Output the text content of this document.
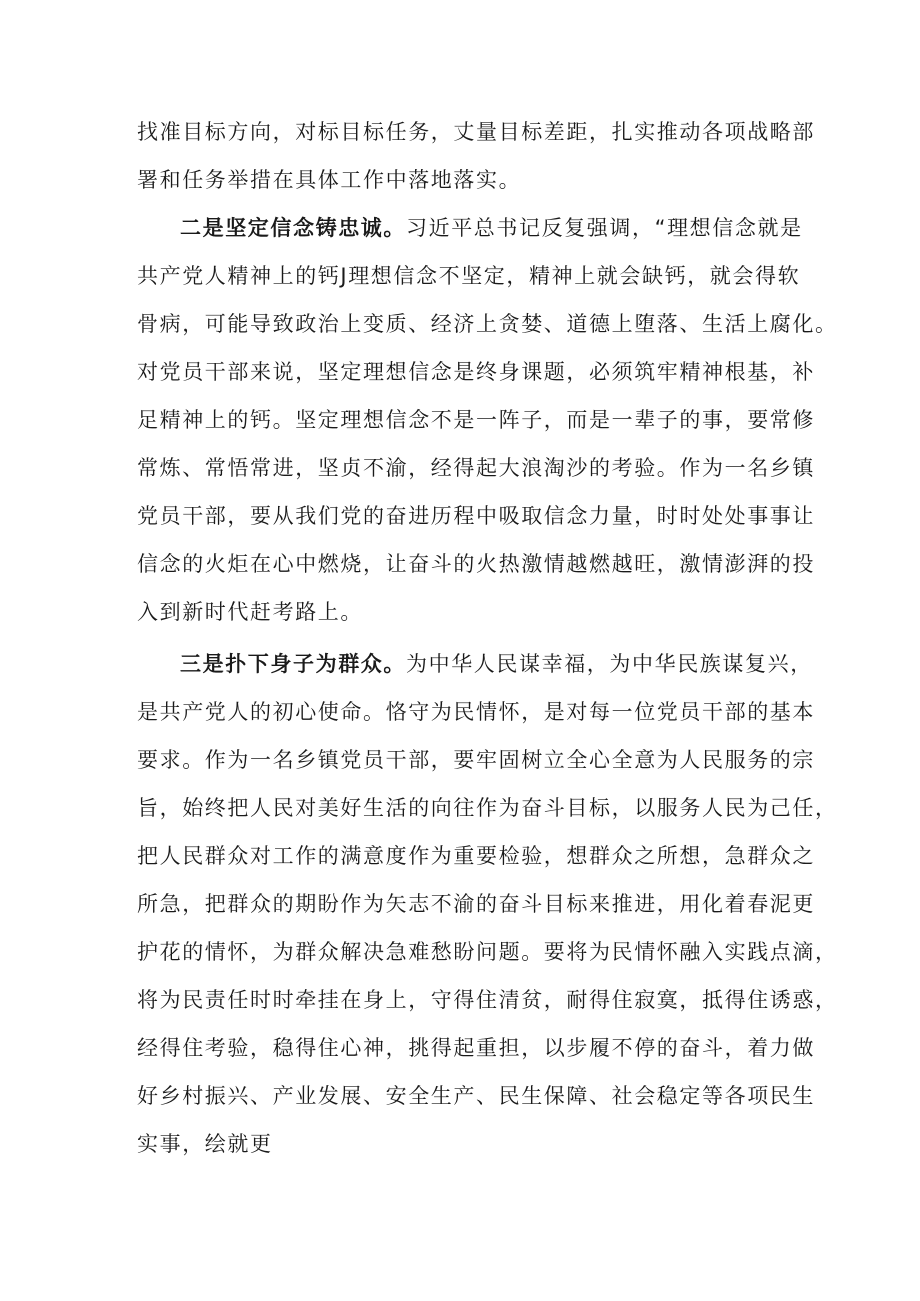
找准目标方向，对标目标任务，丈量目标差距，扎实推动各项战略部
署和任务举措在具体工作中落地落实。
二是坚定信念铸忠诚。习近平总书记反复强调，“理想信念就是
共产党人精神上的钙J理想信念不坚定，精神上就会缺钙，就会得软
骨病，可能导致政治上变质、经济上贪婪、道德上堕落、生活上腐化。
对党员干部来说，坚定理想信念是终身课题，必须筑牢精神根基，补
足精神上的钙。坚定理想信念不是一阵子，而是一辈子的事，要常修
常炼、常悟常进，坚贞不渝，经得起大浪淘沙的考验。作为一名乡镇
党员干部，要从我们党的奋进历程中吸取信念力量，时时处处事事让
信念的火炬在心中燃烧，让奋斗的火热激情越燃越旺，激情澎湃的投
入到新时代赶考路上。
三是扑下身子为群众。为中华人民谋幸福，为中华民族谋复兴，
是共产党人的初心使命。恪守为民情怀，是对每一位党员干部的基本
要求。作为一名乡镇党员干部，要牢固树立全心全意为人民服务的宗
旨，始终把人民对美好生活的向往作为奋斗目标，以服务人民为己任，
把人民群众对工作的满意度作为重要检验，想群众之所想，急群众之
所急，把群众的期盼作为矢志不渝的奋斗目标来推进，用化着春泥更
护花的情怀，为群众解决急难愁盼问题。要将为民情怀融入实践点滴，
将为民责任时时牵挂在身上，守得住清贫，耐得住寂寞，抵得住诱惑，
经得住考验，稳得住心神，挑得起重担，以步履不停的奋斗，着力做
好乡村振兴、产业发展、安全生产、民生保障、社会稳定等各项民生
实事，绘就更
